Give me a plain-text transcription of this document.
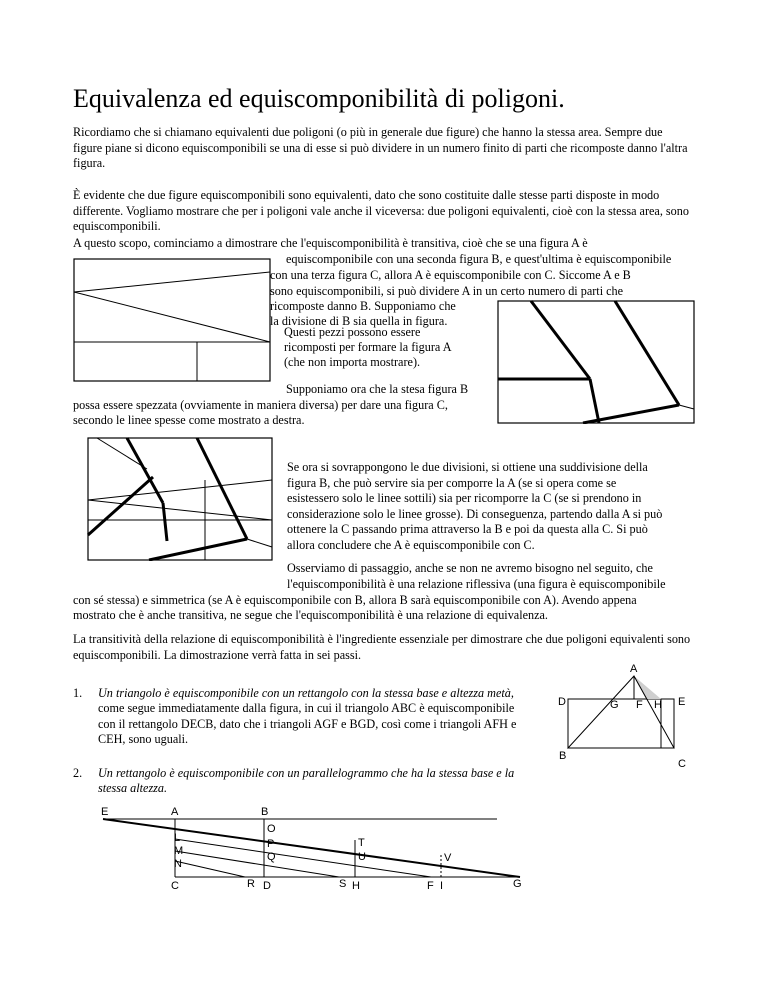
Equivalenza ed equiscomponibilità di poligoni.
Ricordiamo che si chiamano equivalenti due poligoni (o più in generale due figure) che hanno la stessa area. Sempre due figure piane si dicono equiscomponibili se una di esse si può dividere in un numero finito di parti che ricomposte danno l'altra figura.
È evidente che due figure equiscomponibili sono equivalenti, dato che sono costituite dalle stesse parti disposte in modo differente. Vogliamo mostrare che per i poligoni vale anche il viceversa: due poligoni equivalenti, cioè con la stessa area, sono equiscomponibili.
A questo scopo, cominciamo a dimostrare che l'equiscomponibilità è transitiva, cioè che se una figura A è
equiscomponibile con una seconda figura B, e quest'ultima è equiscomponibile
con una terza figura C, allora A è equiscomponibile con C. Siccome A e B
sono equiscomponibili, si può dividere A in un certo numero di parti che
ricomposte danno B. Supponiamo che
la divisione di B sia quella in figura.
Questi pezzi possono essere
ricomposti per formare la figura A
(che non importa mostrare).
Supponiamo ora che la stesa figura B
possa essere spezzata (ovviamente in maniera diversa) per dare una figura C,
secondo le linee spesse come mostrato a destra.
Se ora si sovrappongono le due divisioni, si ottiene una suddivisione della
figura B, che può servire sia per comporre la A (se si opera come se
esistessero solo le linee sottili) sia per ricomporre la C (se si prendono in
considerazione solo le linee grosse). Di conseguenza, partendo dalla A si può
ottenere la C passando prima attraverso la B e poi da questa alla C. Si può
allora concludere che A è equiscomponibile con C.
Osserviamo di passaggio, anche se non ne avremo bisogno nel seguito, che
l'equiscomponibilità è una relazione riflessiva (una figura è equiscomponibile
con sé stessa) e simmetrica (se A è equiscomponibile con B, allora B sarà equiscomponibile con A). Avendo appena
mostrato che è anche transitiva, ne segue che l'equiscomponibilità è una relazione di equivalenza.
La transitività della relazione di equiscomponibilità è l'ingrediente essenziale per dimostrare che due poligoni equivalenti sono equiscomponibili. La dimostrazione verrà fatta in sei passi.
1. Un triangolo è equiscomponibile con un rettangolo con la stessa base e altezza metà,
come segue immediatamente dalla figura, in cui il triangolo ABC è equiscomponibile
con il rettangolo DECB, dato che i triangoli AGF e BGD, così come i triangoli AFH e
CEH, sono uguali.
2. Un rettangolo è equiscomponibile con un parallelogrammo che ha la stessa base e la
stessa altezza.
A
D	G F H E
B
C
E	A	B
O
L
M
N
P
Q
T
U	V
C	R D	S H	F I	G
